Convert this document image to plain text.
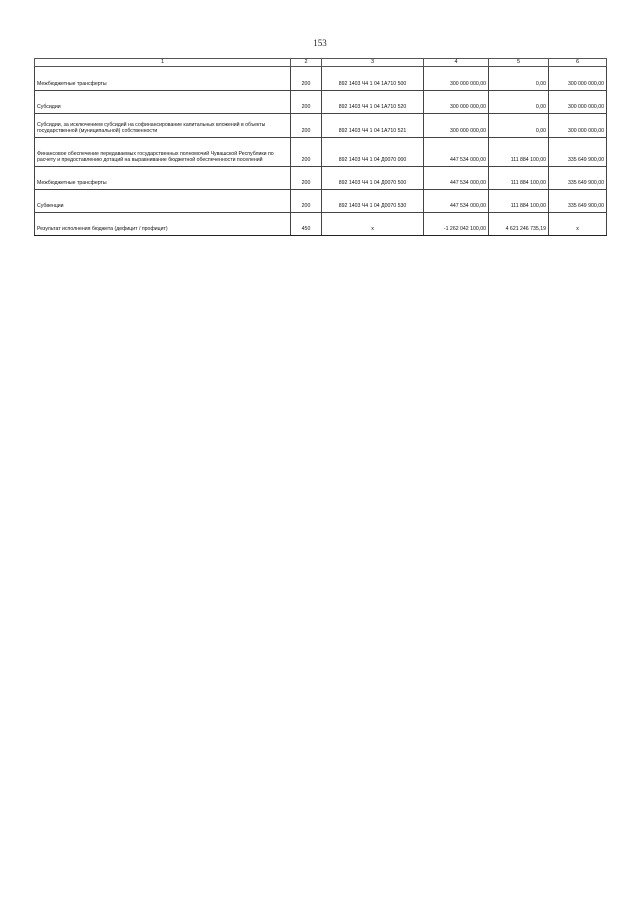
153
1	2	3	4	5	6
Межбюджетные трансферты	200	892 1403 Ч4 1 04 1А710 500	300 000 000,00	0,00	300 000 000,00
Субсидии	200	892 1403 Ч4 1 04 1А710 520	300 000 000,00	0,00	300 000 000,00
Субсидии, за исключением субсидий на софинансирование капитальных вложений в объекты государственной (муниципальной) собственности	200	892 1403 Ч4 1 04 1А710 521	300 000 000,00	0,00	300 000 000,00
Финансовое обеспечение передаваемых государственных полномочий Чувашской Республики по расчету и предоставлению дотаций на выравнивание бюджетной обеспеченности поселений	200	892 1403 Ч4 1 04 Д0070 000	447 534 000,00	111 884 100,00	335 649 900,00
Межбюджетные трансферты	200	892 1403 Ч4 1 04 Д0070 500	447 534 000,00	111 884 100,00	335 649 900,00
Субвенции	200	892 1403 Ч4 1 04 Д0070 530	447 534 000,00	111 884 100,00	335 649 900,00
Результат исполнения бюджета (дефицит / профицит)	450	x	-1 262 042 100,00	4 621 246 735,19	x
